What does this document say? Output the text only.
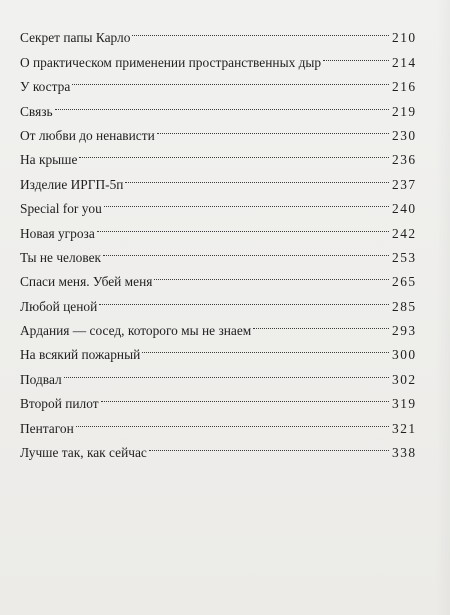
Секрет папы Карло	210
О практическом применении пространственных дыр	214
У костра	216
Связь	219
От любви до ненависти	230
На крыше	236
Изделие ИРГП-5п	237
Special for you	240
Новая угроза	242
Ты не человек	253
Спаси меня. Убей меня	265
Любой ценой	285
Ардания — сосед, которого мы не знаем	293
На всякий пожарный	300
Подвал	302
Второй пилот	319
Пентагон	321
Лучше так, как сейчас	338
